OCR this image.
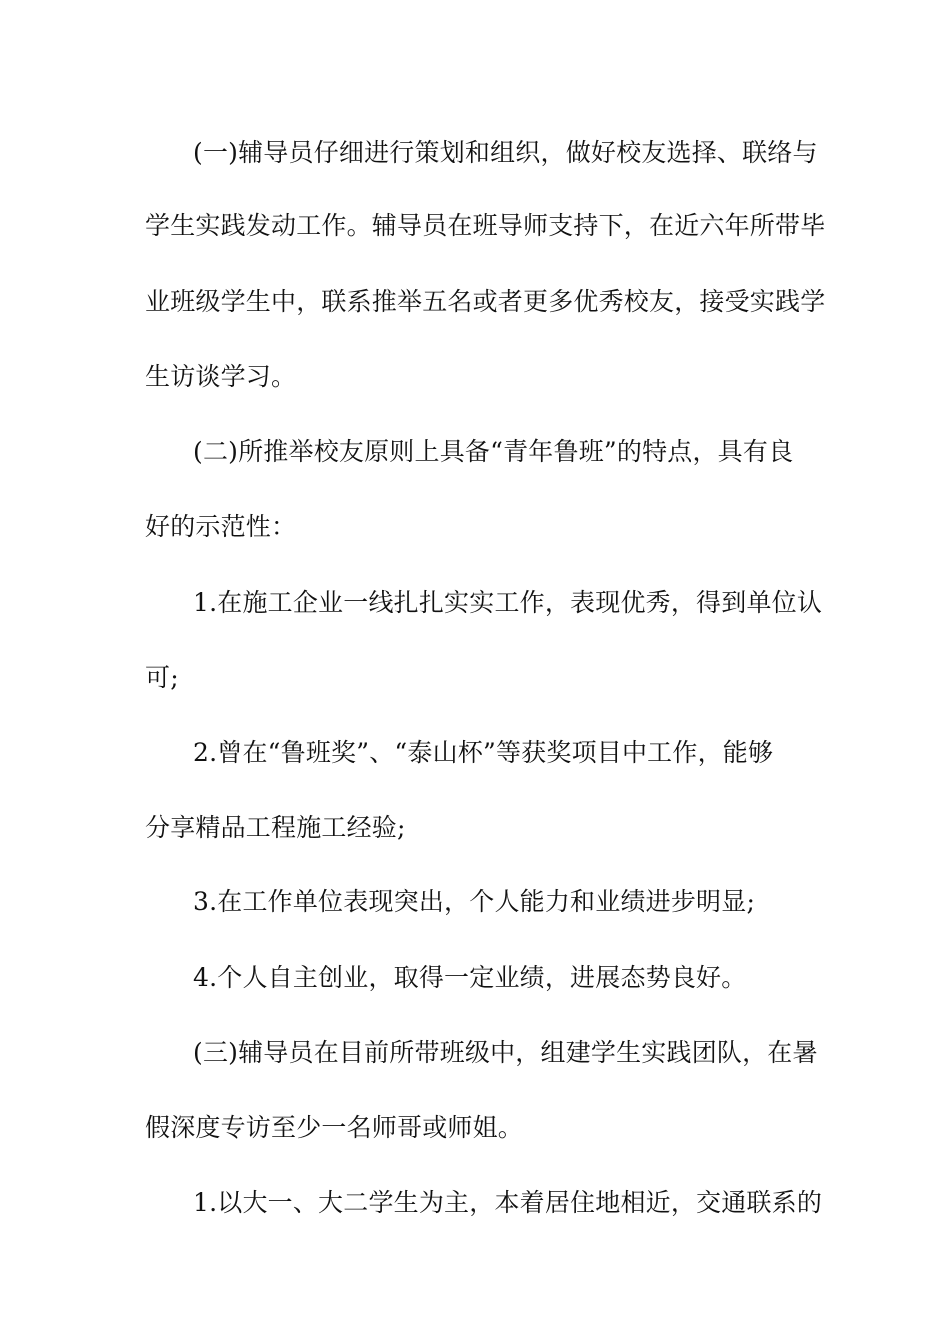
(一)辅导员仔细进行策划和组织，做好校友选择、联络与
学生实践发动工作。辅导员在班导师支持下，在近六年所带毕
业班级学生中，联系推举五名或者更多优秀校友，接受实践学
生访谈学习。
(二)所推举校友原则上具备“青年鲁班”的特点，具有良
好的示范性：
1.在施工企业一线扎扎实实工作，表现优秀，得到单位认
可;
2.曾在“鲁班奖”、“泰山杯”等获奖项目中工作，能够
分享精品工程施工经验;
3.在工作单位表现突出，个人能力和业绩进步明显;
4.个人自主创业，取得一定业绩，进展态势良好。
(三)辅导员在目前所带班级中，组建学生实践团队，在暑
假深度专访至少一名师哥或师姐。
1.以大一、大二学生为主，本着居住地相近，交通联系的
